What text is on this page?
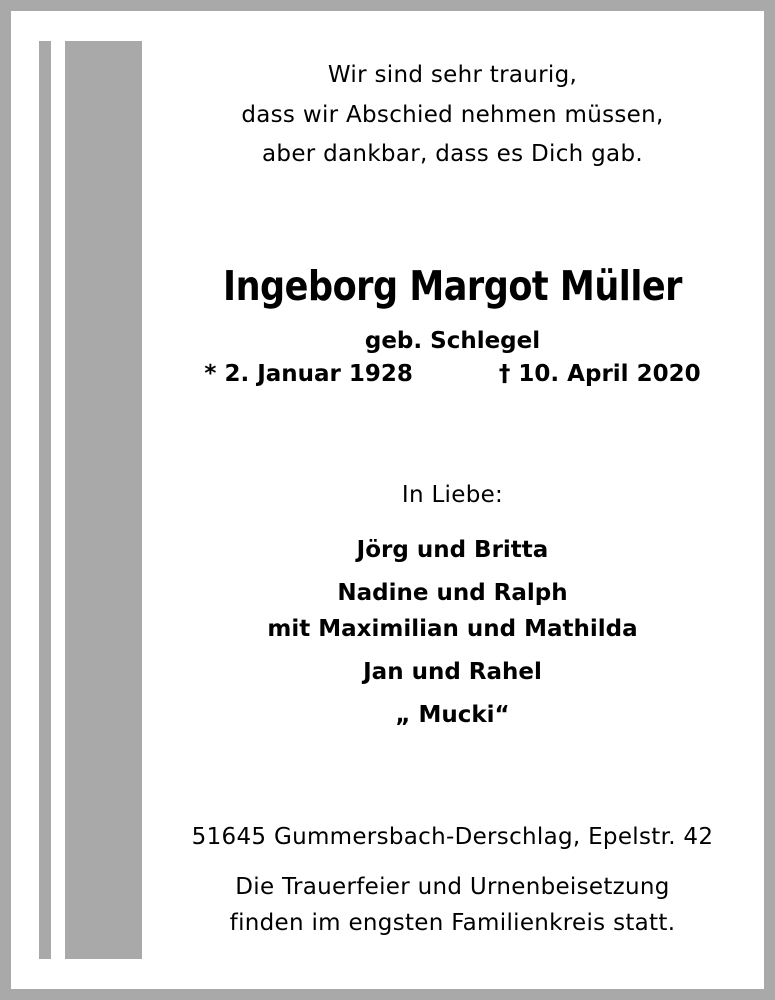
Wir sind sehr traurig,
dass wir Abschied nehmen müssen,
aber dankbar, dass es Dich gab.
Ingeborg Margot Müller
geb. Schlegel
* 2. Januar 1928	† 10. April 2020
In Liebe:
Jörg und Britta
Nadine und Ralph
mit Maximilian und Mathilda
Jan und Rahel
„ Mucki“
51645 Gummersbach-Derschlag, Epelstr. 42
Die Trauerfeier und Urnenbeisetzung
finden im engsten Familienkreis statt.
